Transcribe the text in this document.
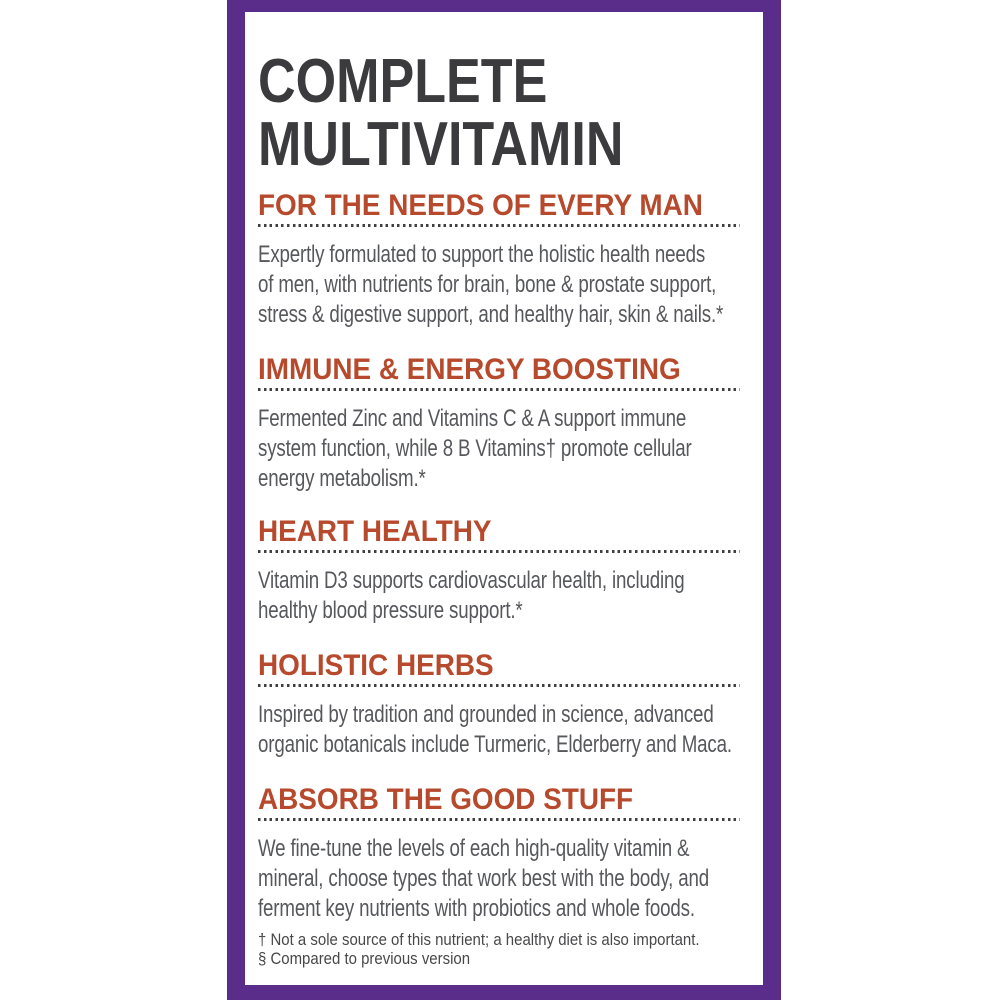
COMPLETE
MULTIVITAMIN
FOR THE NEEDS OF EVERY MAN
Expertly formulated to support the holistic health needs
of men, with nutrients for brain, bone & prostate support,
stress & digestive support, and healthy hair, skin & nails.*
IMMUNE & ENERGY BOOSTING
Fermented Zinc and Vitamins C & A support immune
system function, while 8 B Vitamins† promote cellular
energy metabolism.*
HEART HEALTHY
Vitamin D3 supports cardiovascular health, including
healthy blood pressure support.*
HOLISTIC HERBS
Inspired by tradition and grounded in science, advanced
organic botanicals include Turmeric, Elderberry and Maca.
ABSORB THE GOOD STUFF
We fine-tune the levels of each high-quality vitamin &
mineral, choose types that work best with the body, and
ferment key nutrients with probiotics and whole foods.
† Not a sole source of this nutrient; a healthy diet is also important.
§ Compared to previous version
